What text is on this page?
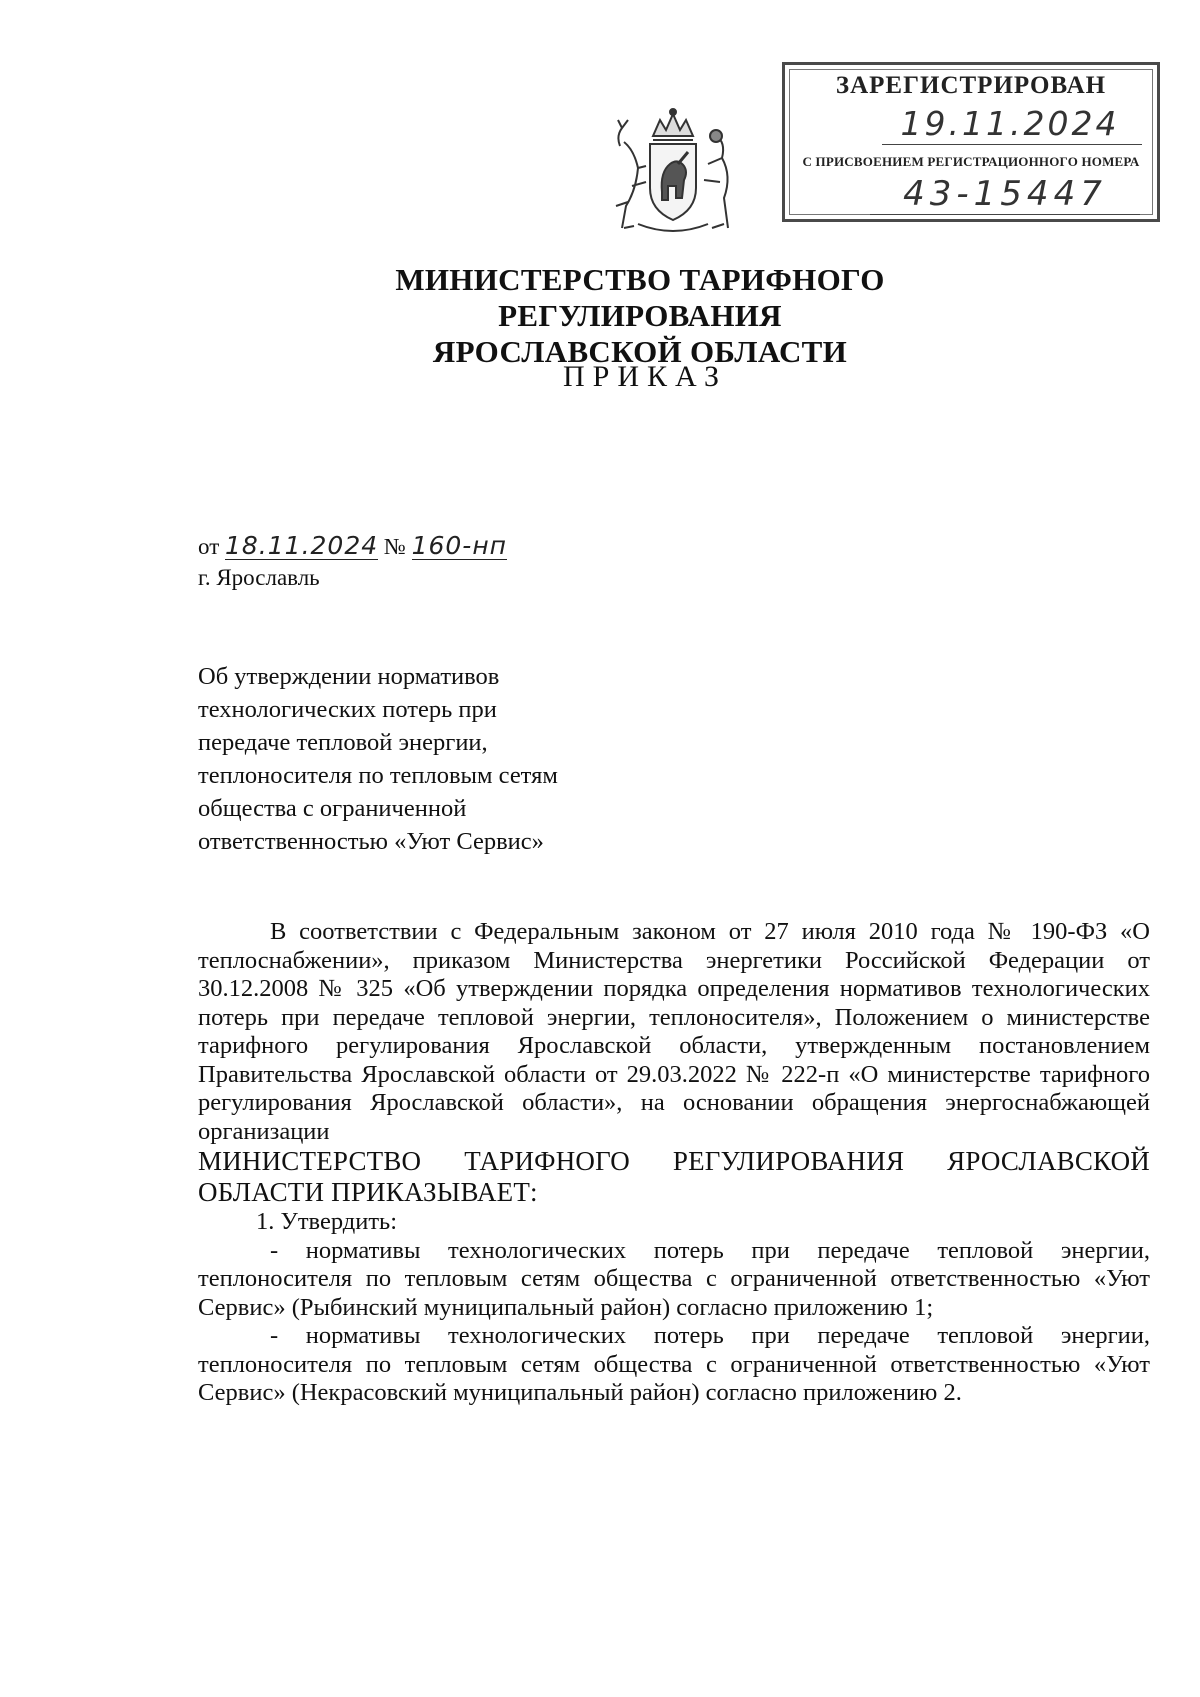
ЗАРЕГИСТРИРОВАН
19.11.2024
С ПРИСВОЕНИЕМ РЕГИСТРАЦИОННОГО НОМЕРА
43-15447
МИНИСТЕРСТВО ТАРИФНОГО РЕГУЛИРОВАНИЯ
ЯРОСЛАВСКОЙ ОБЛАСТИ
ПРИКАЗ
от 18.11.2024 № 160-нп
г. Ярославль
Об утверждении нормативов
технологических потерь при
передаче тепловой энергии,
теплоносителя по тепловым сетям
общества с ограниченной
ответственностью «Уют Сервис»

В соответствии с Федеральным законом от 27 июля 2010 года № 190-ФЗ «О теплоснабжении», приказом Министерства энергетики Российской Федерации от 30.12.2008 № 325 «Об утверждении порядка определения нормативов технологических потерь при передаче тепловой энергии, теплоносителя», Положением о министерстве тарифного регулирования Ярославской области, утвержденным постановлением Правительства Ярославской области от 29.03.2022 № 222-п «О министерстве тарифного регулирования Ярославской области», на основании обращения энергоснабжающей организации

МИНИСТЕРСТВО ТАРИФНОГО РЕГУЛИРОВАНИЯ ЯРОСЛАВСКОЙ ОБЛАСТИ ПРИКАЗЫВАЕТ:

1. Утвердить:

- нормативы технологических потерь при передаче тепловой энергии, теплоносителя по тепловым сетям общества с ограниченной ответственностью «Уют Сервис» (Рыбинский муниципальный район) согласно приложению 1;

- нормативы технологических потерь при передаче тепловой энергии, теплоносителя по тепловым сетям общества с ограниченной ответственностью «Уют Сервис» (Некрасовский муниципальный район) согласно приложению 2.
